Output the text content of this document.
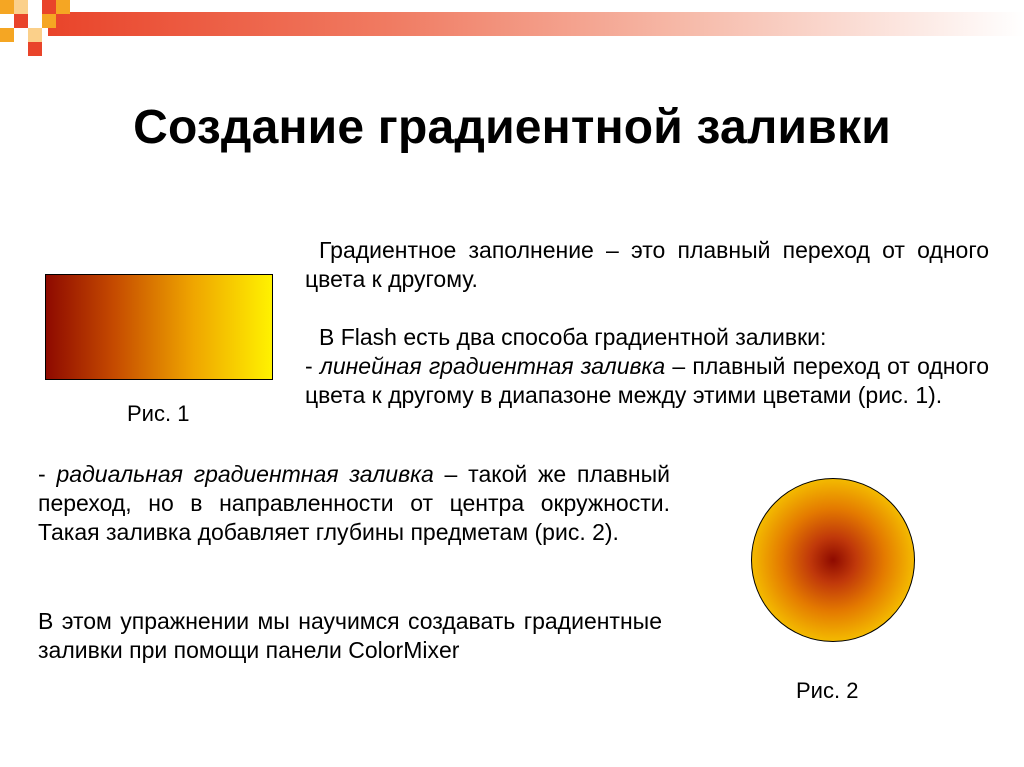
Создание градиентной заливки
Градиентное заполнение – это плавный переход от одного цвета к другому.
В Flash есть два способа градиентной заливки:
- линейная градиентная заливка – плавный переход от одного цвета к другому в диапазоне между этими цветами (рис. 1).
Рис. 1
- радиальная градиентная заливка – такой же плавный переход, но в направленности от центра окружности. Такая заливка добавляет глубины предметам (рис. 2).
В этом упражнении мы научимся создавать градиентные заливки при помощи панели ColorMixer
Рис. 2
